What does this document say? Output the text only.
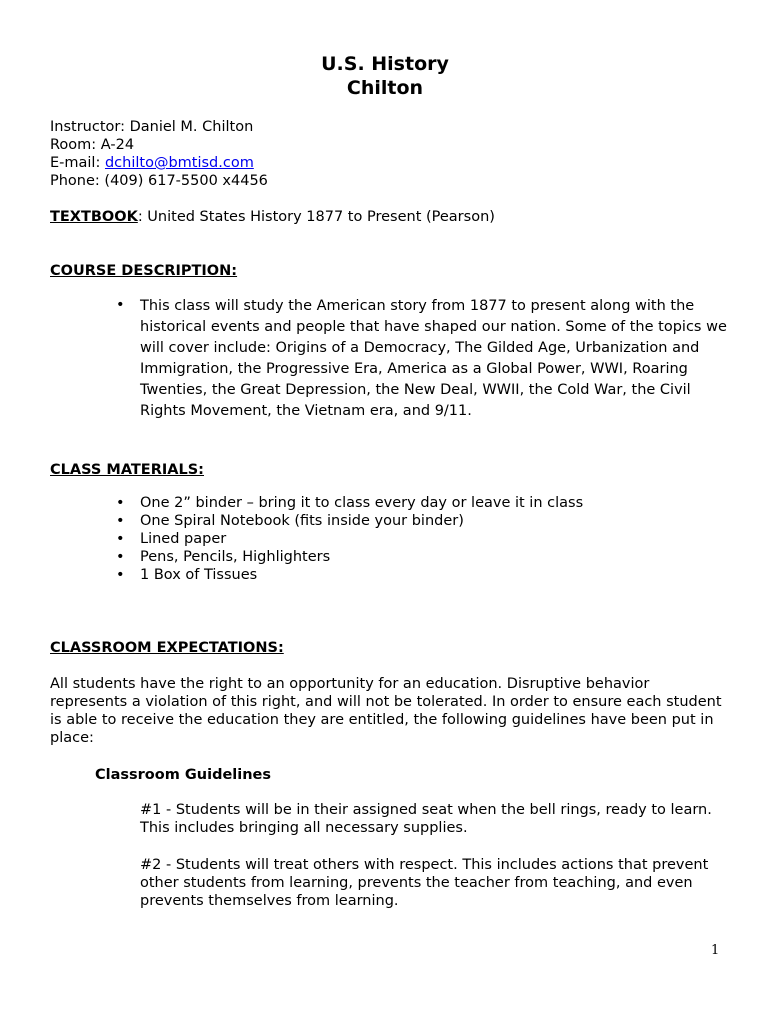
U.S. History
Chilton
Instructor: Daniel M. Chilton
Room: A-24
E-mail: dchilto@bmtisd.com
Phone: (409) 617-5500 x4456
TEXTBOOK: United States History 1877 to Present (Pearson)
COURSE DESCRIPTION:
• This class will study the American story from 1877 to present along with the historical events and people that have shaped our nation. Some of the topics we will cover include: Origins of a Democracy, The Gilded Age, Urbanization and Immigration, the Progressive Era, America as a Global Power, WWI, Roaring Twenties, the Great Depression, the New Deal, WWII, the Cold War, the Civil Rights Movement, the Vietnam era, and 9/11.
CLASS MATERIALS:
• One 2” binder – bring it to class every day or leave it in class
• One Spiral Notebook (fits inside your binder)
• Lined paper
• Pens, Pencils, Highlighters
• 1 Box of Tissues
CLASSROOM EXPECTATIONS:
All students have the right to an opportunity for an education. Disruptive behavior represents a violation of this right, and will not be tolerated. In order to ensure each student is able to receive the education they are entitled, the following guidelines have been put in place:
Classroom Guidelines
#1 - Students will be in their assigned seat when the bell rings, ready to learn. This includes bringing all necessary supplies.
#2 - Students will treat others with respect. This includes actions that prevent other students from learning, prevents the teacher from teaching, and even prevents themselves from learning.
1
